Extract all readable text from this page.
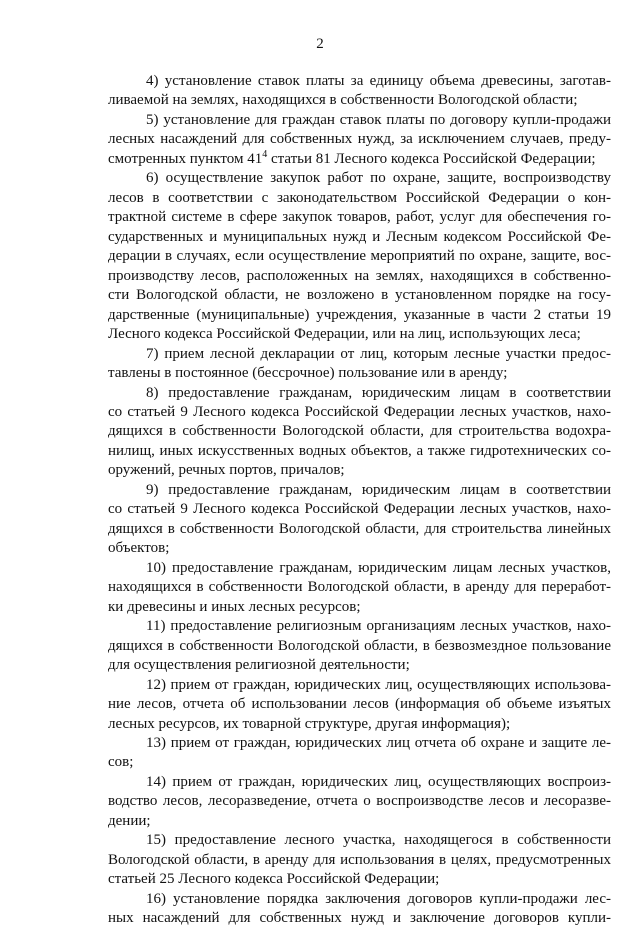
2
4) установление ставок платы за единицу объема древесины, заготав-
ливаемой на землях, находящихся в собственности Вологодской области;
5) установление для граждан ставок платы по договору купли-продажи
лесных насаждений для собственных нужд, за исключением случаев, преду-
смотренных пунктом $41^4$ статьи 81 Лесного кодекса Российской Федерации;
6) осуществление закупок работ по охране, защите, воспроизводству
лесов в соответствии с законодательством Российской Федерации о кон-
трактной системе в сфере закупок товаров, работ, услуг для обеспечения го-
сударственных и муниципальных нужд и Лесным кодексом Российской Фе-
дерации в случаях, если осуществление мероприятий по охране, защите, вос-
производству лесов, расположенных на землях, находящихся в собственно-
сти Вологодской области, не возложено в установленном порядке на госу-
дарственные (муниципальные) учреждения, указанные в части 2 статьи 19
Лесного кодекса Российской Федерации, или на лиц, использующих леса;
7) прием лесной декларации от лиц, которым лесные участки предос-
тавлены в постоянное (бессрочное) пользование или в аренду;
8) предоставление гражданам, юридическим лицам в соответствии
со статьей 9 Лесного кодекса Российской Федерации лесных участков, нахо-
дящихся в собственности Вологодской области, для строительства водохра-
нилищ, иных искусственных водных объектов, а также гидротехнических со-
оружений, речных портов, причалов;
9) предоставление гражданам, юридическим лицам в соответствии
со статьей 9 Лесного кодекса Российской Федерации лесных участков, нахо-
дящихся в собственности Вологодской области, для строительства линейных
объектов;
10) предоставление гражданам, юридическим лицам лесных участков,
находящихся в собственности Вологодской области, в аренду для переработ-
ки древесины и иных лесных ресурсов;
11) предоставление религиозным организациям лесных участков, нахо-
дящихся в собственности Вологодской области, в безвозмездное пользование
для осуществления религиозной деятельности;
12) прием от граждан, юридических лиц, осуществляющих использова-
ние лесов, отчета об использовании лесов (информация об объеме изъятых
лесных ресурсов, их товарной структуре, другая информация);
13) прием от граждан, юридических лиц отчета об охране и защите ле-
сов;
14) прием от граждан, юридических лиц, осуществляющих воспроиз-
водство лесов, лесоразведение, отчета о воспроизводстве лесов и лесоразве-
дении;
15) предоставление лесного участка, находящегося в собственности
Вологодской области, в аренду для использования в целях, предусмотренных
статьей 25 Лесного кодекса Российской Федерации;
16) установление порядка заключения договоров купли-продажи лес-
ных насаждений для собственных нужд и заключение договоров купли-
